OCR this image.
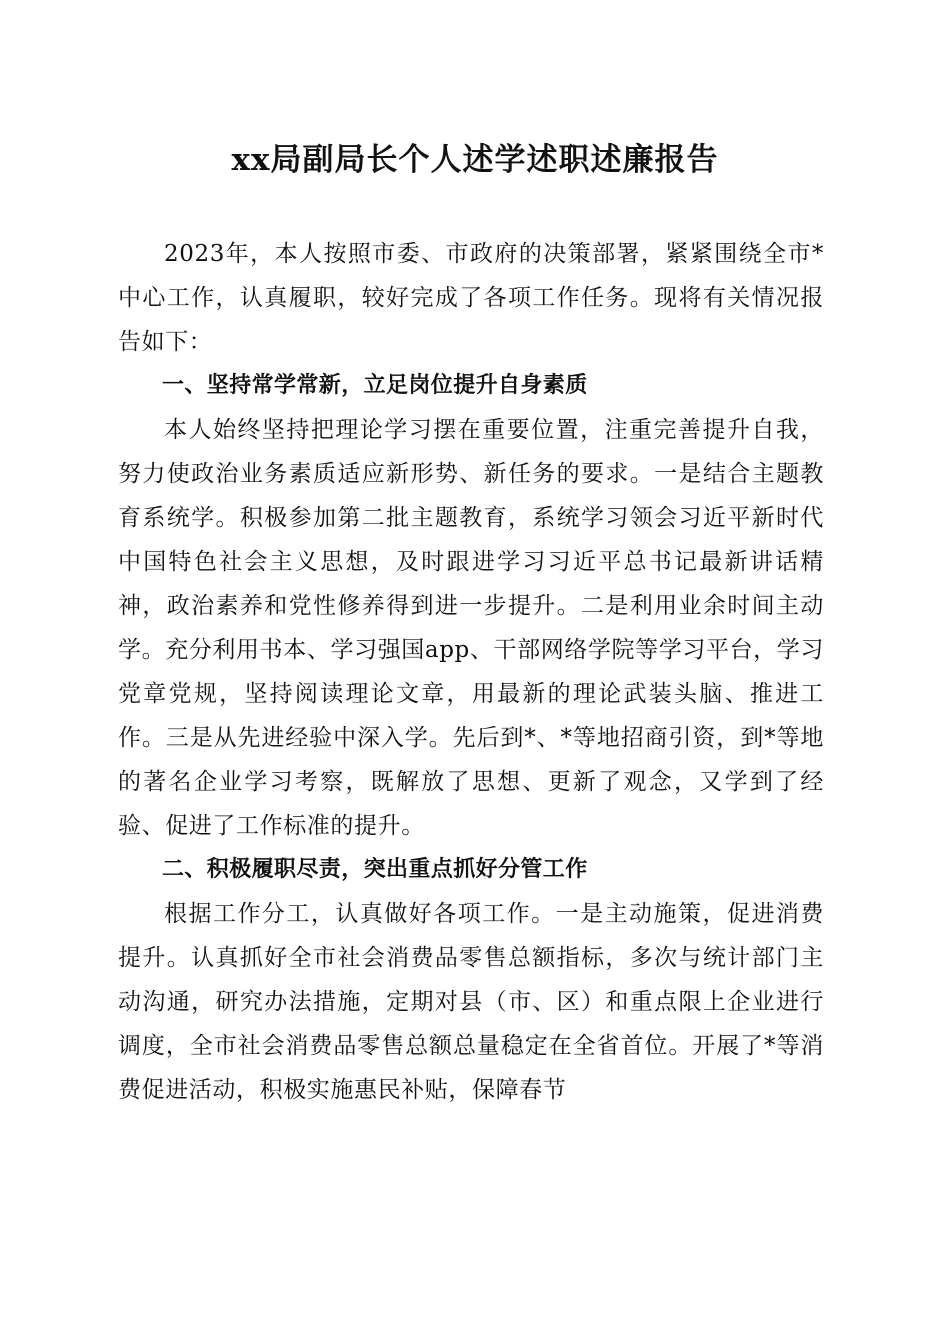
xx局副局长个人述学述职述廉报告

2023年，本人按照市委、市政府的决策部署，紧紧围绕全市*中心工作，认真履职，较好完成了各项工作任务。现将有关情况报告如下：

一、坚持常学常新，立足岗位提升自身素质

本人始终坚持把理论学习摆在重要位置，注重完善提升自我，努力使政治业务素质适应新形势、新任务的要求。一是结合主题教育系统学。积极参加第二批主题教育，系统学习领会习近平新时代中国特色社会主义思想，及时跟进学习习近平总书记最新讲话精神，政治素养和党性修养得到进一步提升。二是利用业余时间主动学。充分利用书本、学习强国app、干部网络学院等学习平台，学习党章党规，坚持阅读理论文章，用最新的理论武装头脑、推进工作。三是从先进经验中深入学。先后到*、*等地招商引资，到*等地的著名企业学习考察，既解放了思想、更新了观念，又学到了经验、促进了工作标准的提升。

二、积极履职尽责，突出重点抓好分管工作

根据工作分工，认真做好各项工作。一是主动施策，促进消费提升。认真抓好全市社会消费品零售总额指标，多次与统计部门主动沟通，研究办法措施，定期对县（市、区）和重点限上企业进行调度，全市社会消费品零售总额总量稳定在全省首位。开展了*等消费促进活动，积极实施惠民补贴，保障春节
